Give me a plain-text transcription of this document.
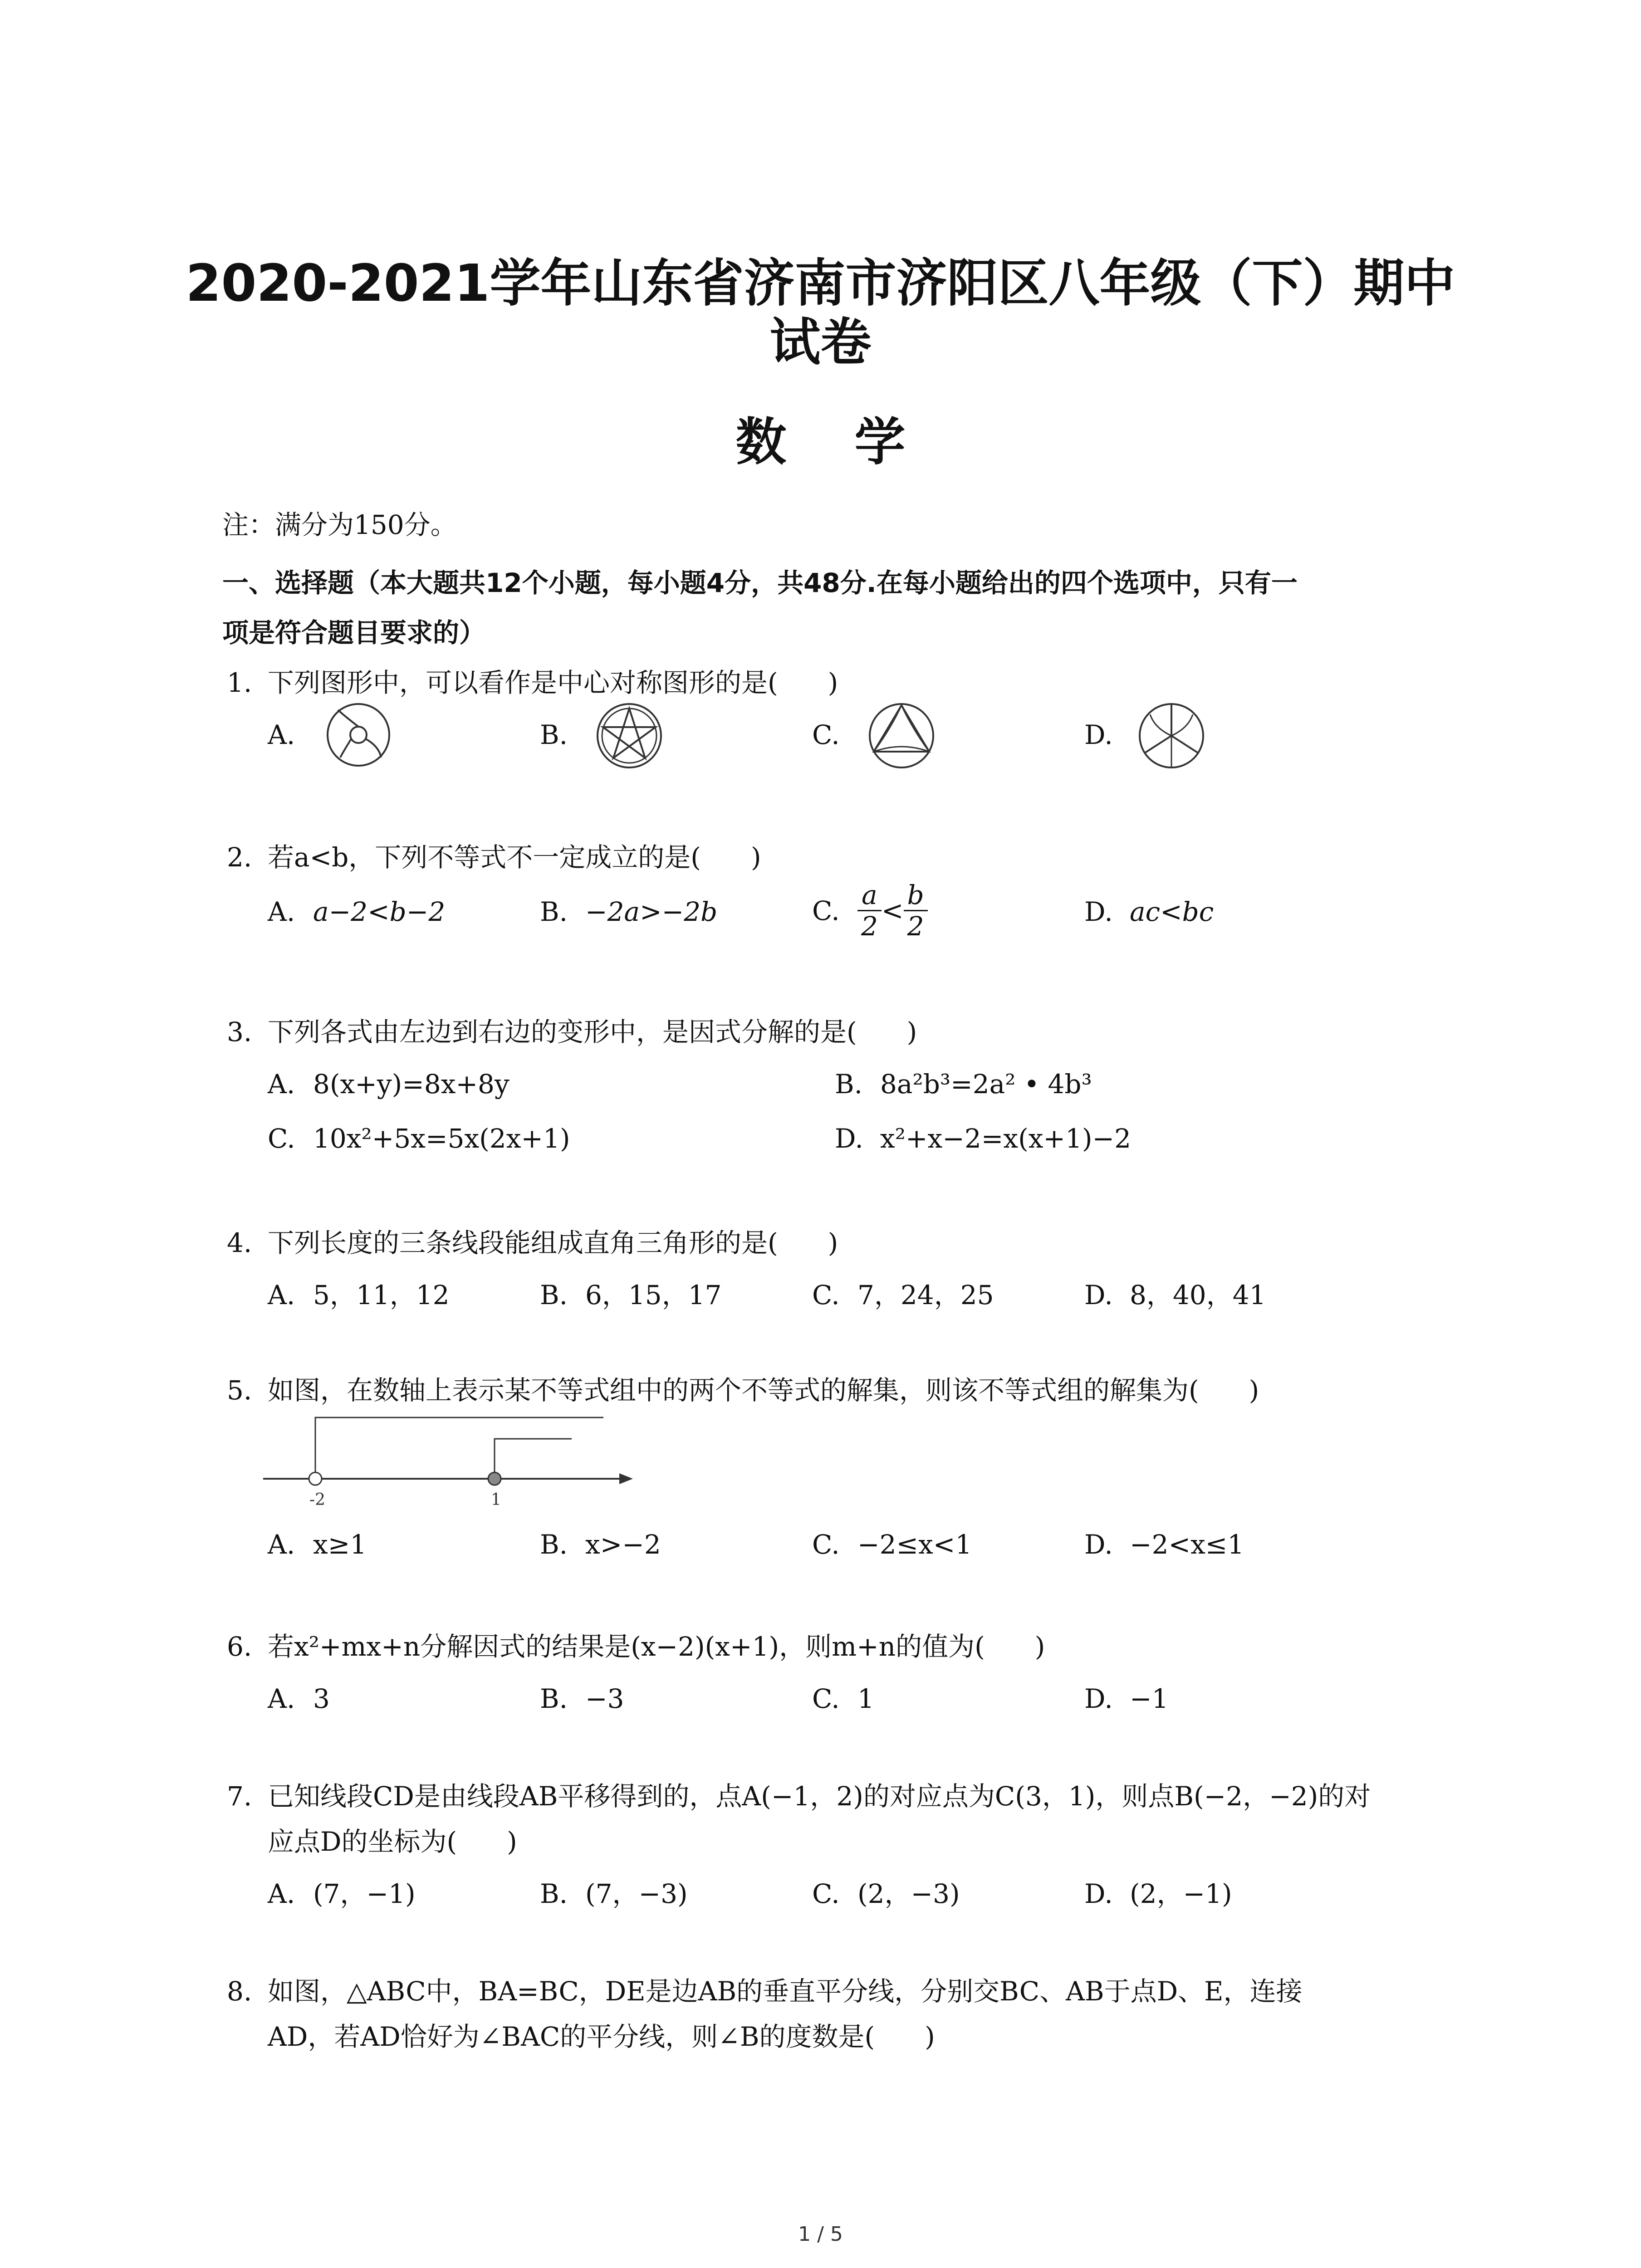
2020-2021学年山东省济南市济阳区八年级（下）期中
试卷
数学
注：满分为150分。
一、选择题（本大题共12个小题，每小题4分，共48分.在每小题给出的四个选项中，只有一
项是符合题目要求的）
1. 下列图形中，可以看作是中心对称图形的是( )
A.	B.	C.	D.
2. 若a<b，下列不等式不一定成立的是( )
A. a−2<b−2	B. −2a>−2b	C. $\frac{a}{2} < \frac{b}{2}$	D. ac<bc
3. 下列各式由左边到右边的变形中，是因式分解的是( )
A. 8(x+y)=8x+8y	B. 8a²b³=2a² • 4b³
C. 10x²+5x=5x(2x+1)	D. x²+x−2=x(x+1)−2
4. 下列长度的三条线段能组成直角三角形的是( )
A. 5，11，12	B. 6，15，17	C. 7，24，25	D. 8，40，41
5. 如图，在数轴上表示某不等式组中的两个不等式的解集，则该不等式组的解集为( )
-2	1
A. x≥1	B. x>−2	C. −2≤x<1	D. −2<x≤1
6. 若x²+mx+n分解因式的结果是(x−2)(x+1)，则m+n的值为( )
A. 3	B. −3	C. 1	D. −1
7. 已知线段CD是由线段AB平移得到的，点A(−1，2)的对应点为C(3，1)，则点B(−2，−2)的对
应点D的坐标为( )
A. (7，−1)	B. (7，−3)	C. (2，−3)	D. (2，−1)
8. 如图，△ABC中，BA=BC，DE是边AB的垂直平分线，分别交BC、AB于点D、E，连接
AD，若AD恰好为∠BAC的平分线，则∠B的度数是( )
1 / 5
